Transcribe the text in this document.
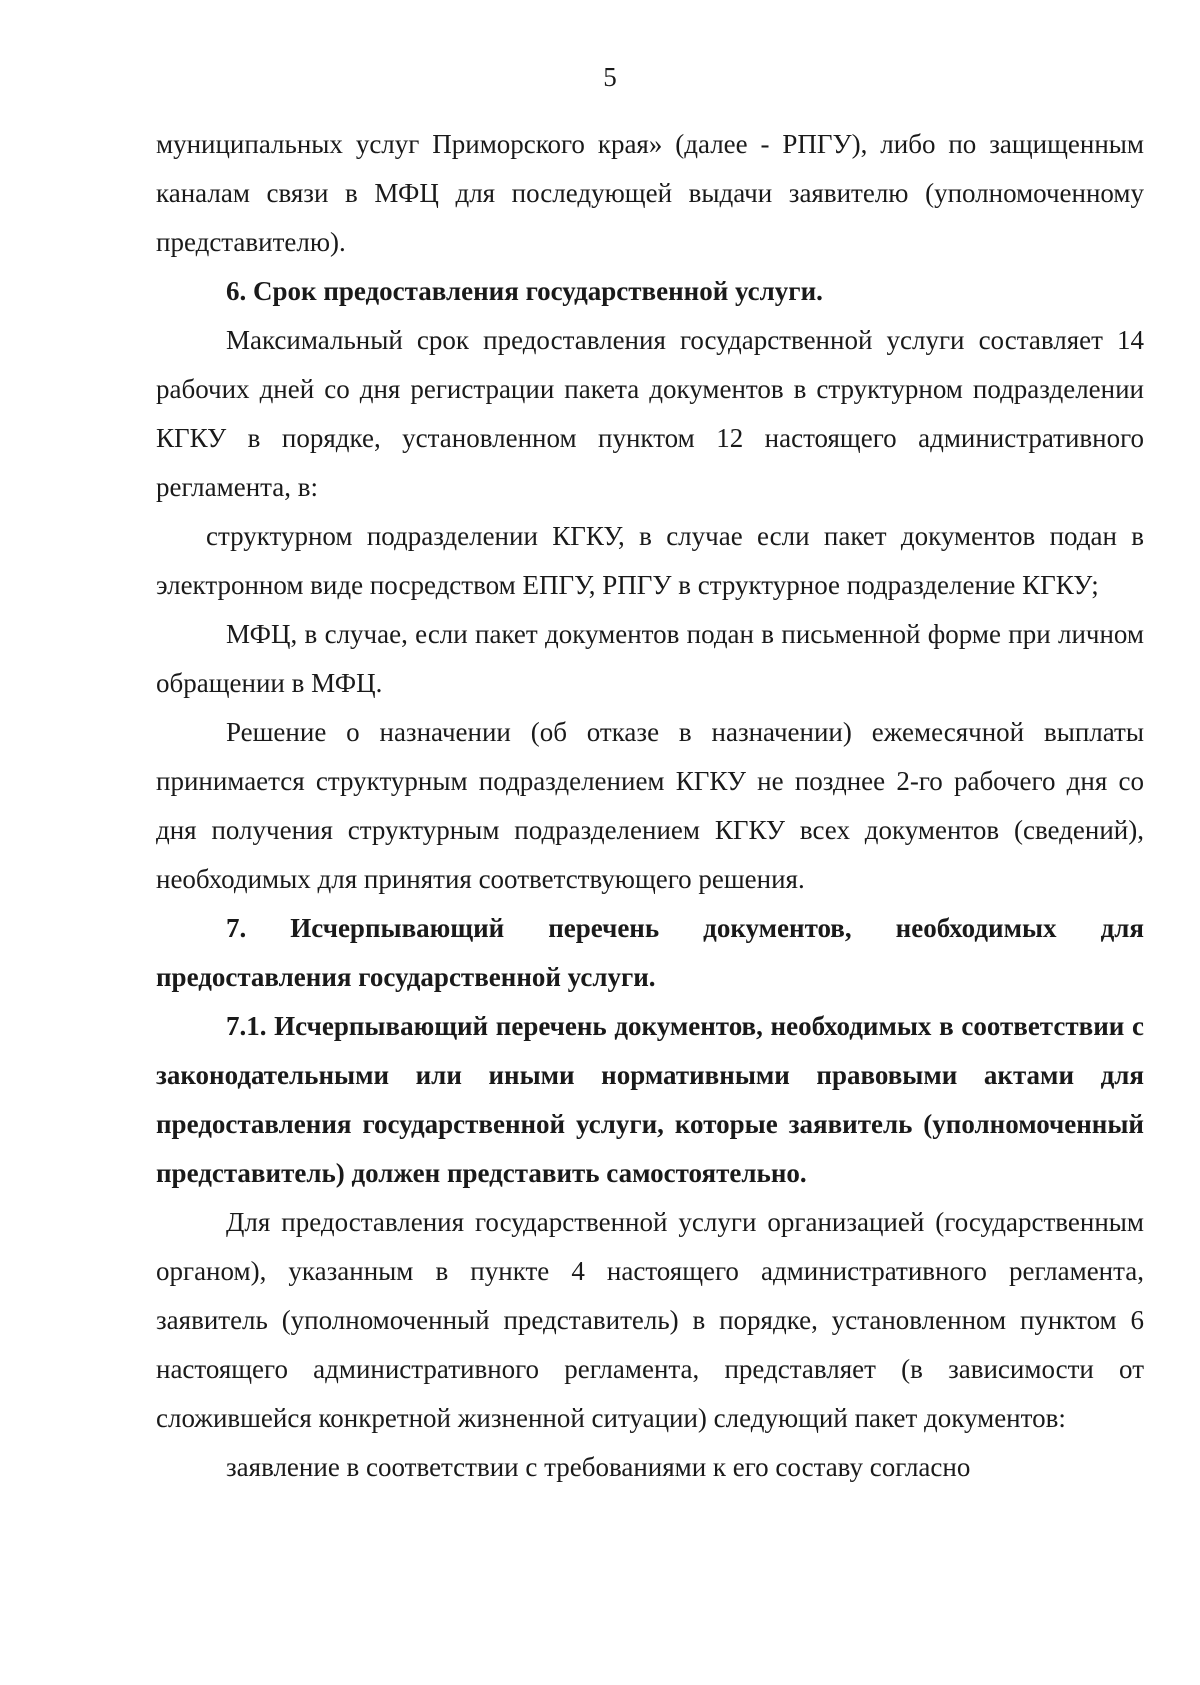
5

муниципальных услуг Приморского края» (далее - РПГУ), либо по защищенным каналам связи в МФЦ для последующей выдачи заявителю (уполномоченному представителю).

6. Срок предоставления государственной услуги.

Максимальный срок предоставления государственной услуги составляет 14 рабочих дней со дня регистрации пакета документов в структурном подразделении КГКУ в порядке, установленном пунктом 12 настоящего административного регламента, в:

структурном подразделении КГКУ, в случае если пакет документов подан в электронном виде посредством ЕПГУ, РПГУ в структурное подразделение КГКУ;

МФЦ, в случае, если пакет документов подан в письменной форме при личном обращении в МФЦ.

Решение о назначении (об отказе в назначении) ежемесячной выплаты принимается структурным подразделением КГКУ не позднее 2-го рабочего дня со дня получения структурным подразделением КГКУ всех документов (сведений), необходимых для принятия соответствующего решения.

7. Исчерпывающий перечень документов, необходимых для предоставления государственной услуги.

7.1. Исчерпывающий перечень документов, необходимых в соответствии с законодательными или иными нормативными правовыми актами для предоставления государственной услуги, которые заявитель (уполномоченный представитель) должен представить самостоятельно.

Для предоставления государственной услуги организацией (государственным органом), указанным в пункте 4 настоящего административного регламента, заявитель (уполномоченный представитель) в порядке, установленном пунктом 6 настоящего административного регламента, представляет (в зависимости от сложившейся конкретной жизненной ситуации) следующий пакет документов:

заявление в соответствии с требованиями к его составу согласно
